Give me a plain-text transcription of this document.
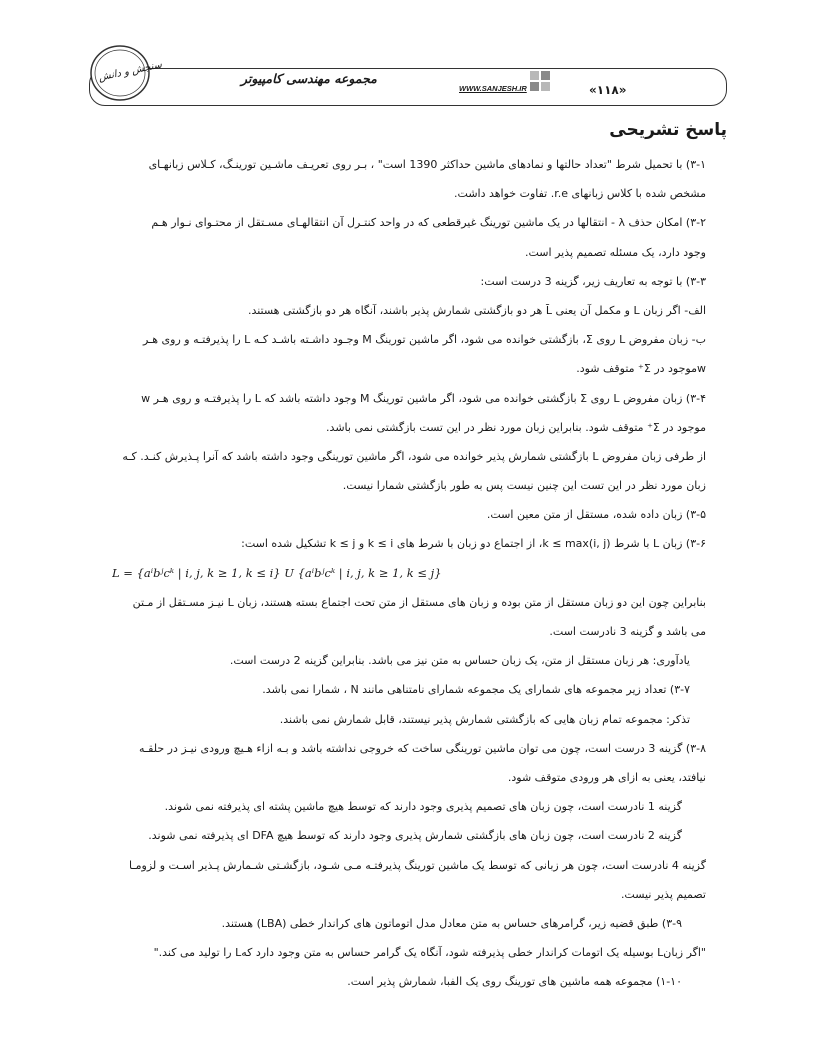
سنجش و دانش	مجموعه مهندسی کامپیوتر
WWW.SANJESH.IR	«۱۱۸»
پاسخ تشریحی
۳-۱) با تحمیل شرط "تعداد حالتها و نمادهای ماشین حداکثر 1390 است" ، بـر روی تعریـف ماشـین تورینـگ، کـلاس زبانهـای
مشخص شده با کلاس زبانهای r.e. تفاوت خواهد داشت.
۳-۲) امکان حذف λ - انتقالها در یک ماشین تورینگ غیرقطعی که در واحد کنتـرل آن انتقالهـای مسـتقل از محتـوای نـوار هـم
وجود دارد، یک مسئله تصمیم پذیر است.
۳-۳) با توجه به تعاریف زیر، گزینه 3 درست است:
الف- اگر زبان L و مکمل آن یعنی L̄ هر دو بازگشتی شمارش پذیر باشند، آنگاه هر دو بازگشتی هستند.
ب- زبان مفروض L روی Σ، بازگشتی خوانده می شود، اگر ماشین تورینگ M وجـود داشـته باشـد کـه L را پذیرفتـه و روی هـر
wموجود در Σ⁺ متوقف شود.
۳-۴) زبان مفروض L روی Σ بازگشتی خوانده می شود، اگر ماشین تورینگ M وجود داشته باشد که L را پذیرفتـه و روی هـر w
موجود در Σ⁺ متوقف شود. بنابراین زبان مورد نظر در این تست بازگشتی نمی باشد.
از طرفی زبان مفروض L بازگشتی شمارش پذیر خوانده می شود، اگر ماشین تورینگی وجود داشته باشد که آنرا پـذیرش کنـد. کـه
زبان مورد نظر در این تست این چنین نیست پس به طور بازگشتی شمارا نیست.
۳-۵) زبان داده شده، مستقل از متن معین است.
۳-۶) زبان L با شرط k ≤ max(i, j)، از اجتماع دو زبان با شرط های k ≤ i و k ≤ j تشکیل شده است:
L = {aⁱbʲcᵏ | i, j, k ≥ 1, k ≤ i} U {aⁱbʲcᵏ | i, j, k ≥ 1, k ≤ j}
بنابراین چون این دو زبان مستقل از متن بوده و زبان های مستقل از متن تحت اجتماع بسته هستند، زبان L نیـز مسـتقل از مـتن
می باشد و گزینه 3 نادرست است.
یادآوری: هر زبان مستقل از متن، یک زبان حساس به متن نیز می باشد. بنابراین گزینه 2 درست است.
۳-۷) تعداد زیر مجموعه های شمارای یک مجموعه شمارای نامتناهی مانند N ، شمارا نمی باشد.
تذکر: مجموعه تمام زبان هایی که بازگشتی شمارش پذیر نیستند، قابل شمارش نمی باشند.
۳-۸) گزینه 3 درست است، چون می توان ماشین تورینگی ساخت که خروجی نداشته باشد و بـه ازاء هـیچ ورودی نیـز در حلقـه
نیافتد، یعنی به ازای هر ورودی متوقف شود.
گزینه 1 نادرست است، چون زبان های تصمیم پذیری وجود دارند که توسط هیچ ماشین پشته ای پذیرفته نمی شوند.
گزینه 2 نادرست است، چون زبان های بازگشتی شمارش پذیری وجود دارند که توسط هیچ DFA ای پذیرفته نمی شوند.
گزینه 4 نادرست است، چون هر زبانی که توسط یک ماشین تورینگ پذیرفتـه مـی شـود، بازگشـتی شـمارش پـذیر اسـت و لزومـا
تصمیم پذیر نیست.
۳-۹) طبق قضیه زیر، گرامرهای حساس به متن معادل مدل اتوماتون های کراندار خطی (LBA) هستند.
"اگر زبانL بوسیله یک اتومات کراندار خطی پذیرفته شود، آنگاه یک گرامر حساس به متن وجود دارد کهL را تولید می کند."
۱-۱۰) مجموعه همه ماشین های تورینگ روی یک الفبا، شمارش پذیر است.
